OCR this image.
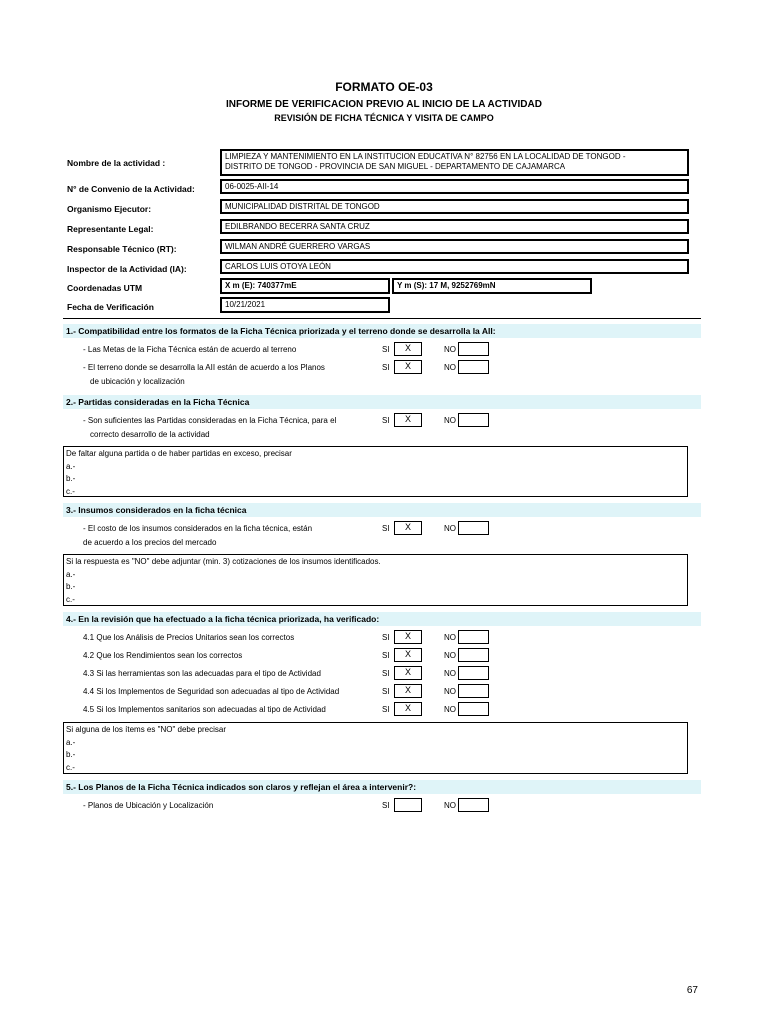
FORMATO OE-03
INFORME DE VERIFICACION PREVIO AL INICIO DE LA ACTIVIDAD
REVISIÓN DE FICHA TÉCNICA Y VISITA DE CAMPO
Nombre de la actividad :
LIMPIEZA Y MANTENIMIENTO EN LA INSTITUCION EDUCATIVA N° 82756 EN LA LOCALIDAD DE TONGOD -
DISTRITO DE TONGOD - PROVINCIA DE SAN MIGUEL - DEPARTAMENTO DE CAJAMARCA
N° de Convenio de la Actividad:	06-0025-AII-14
Organismo Ejecutor:	MUNICIPALIDAD DISTRITAL DE TONGOD
Representante Legal:	EDILBRANDO BECERRA SANTA CRUZ
Responsable Técnico (RT):	WILMAN ANDRÉ GUERRERO VARGAS
Inspector de la Actividad (IA):	CARLOS LUIS OTOYA LEÓN
Coordenadas UTM	X m (E): 740377mE	Y m (S): 17 M, 9252769mN
Fecha de Verificación	10/21/2021
1.- Compatibilidad entre los formatos de la Ficha Técnica priorizada y el terreno donde se desarrolla la AII:
- Las Metas de la Ficha Técnica están de acuerdo al terreno	SI	X	NO
- El terreno donde se desarrolla la AII están de acuerdo a los Planos
de ubicación y localización
SI	X	NO
2.- Partidas consideradas en la Ficha Técnica
- Son suficientes las Partidas consideradas en la Ficha Técnica, para el
correcto desarrollo de la actividad
SI	X	NO
De faltar alguna partida o de haber partidas en exceso, precisar
a.-
b.-
c.-
3.- Insumos considerados en la ficha técnica
- El costo de los insumos considerados en la ficha técnica, están
de acuerdo a los precios del mercado
SI	X	NO
Si la respuesta es "NO" debe adjuntar (min. 3) cotizaciones de los insumos identificados.
a.-
b.-
c.-
4.- En la revisión que ha efectuado a la ficha técnica priorizada, ha verificado:
4.1 Que los Análisis de Precios Unitarios sean los correctos	SI	X	NO
4.2 Que los Rendimientos sean los correctos	SI	X	NO
4.3 Si las herramientas son las adecuadas para el tipo de Actividad	SI	X	NO
4.4 Si los Implementos de Seguridad son adecuadas al tipo de Actividad	SI	X	NO
4.5 Si los Implementos sanitarios son adecuadas al tipo de Actividad	SI	X	NO
Si alguna de los ítems es "NO" debe precisar
a.-
b.-
c.-
5.- Los Planos de la Ficha Técnica indicados son claros y reflejan el área a intervenir?:
- Planos de Ubicación y Localización	SI	NO
67
